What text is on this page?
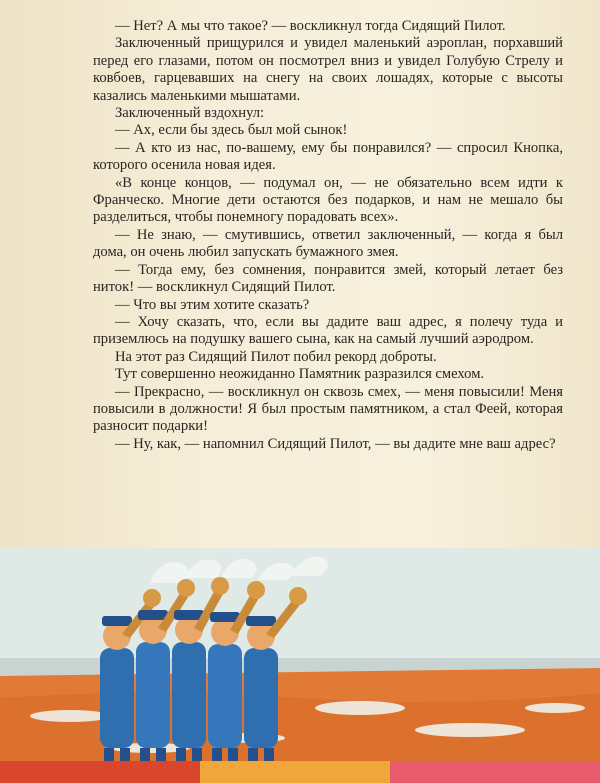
— Нет? А мы что такое? — воскликнул тогда Сидящий Пилот.

Заключенный прищурился и увидел маленький аэроплан, порхавший перед его глазами, потом он посмотрел вниз и увидел Голубую Стрелу и ковбоев, гарцевавших на снегу на своих лошадях, которые с высоты казались маленькими мышатами.

Заключенный вздохнул:

— Ах, если бы здесь был мой сынок!

— А кто из нас, по-вашему, ему бы понравился? — спросил Кнопка, которого осенила новая идея.

«В конце концов, — подумал он, — не обязательно всем идти к Франческо. Многие дети остаются без подарков, и нам не мешало бы разделиться, чтобы понемногу порадовать всех».

— Не знаю, — смутившись, ответил заключенный, — когда я был дома, он очень любил запускать бумажного змея.

— Тогда ему, без сомнения, понравится змей, который летает без ниток! — воскликнул Сидящий Пилот.

— Что вы этим хотите сказать?

— Хочу сказать, что, если вы дадите ваш адрес, я полечу туда и приземлюсь на подушку вашего сына, как на самый лучший аэродром.

На этот раз Сидящий Пилот побил рекорд доброты.

Тут совершенно неожиданно Памятник разразился смехом.

— Прекрасно, — воскликнул он сквозь смех, — меня повысили! Меня повысили в должности! Я был простым памятником, а стал Феей, которая разносит подарки!

— Ну, как, — напомнил Сидящий Пилот, — вы дадите мне ваш адрес?
